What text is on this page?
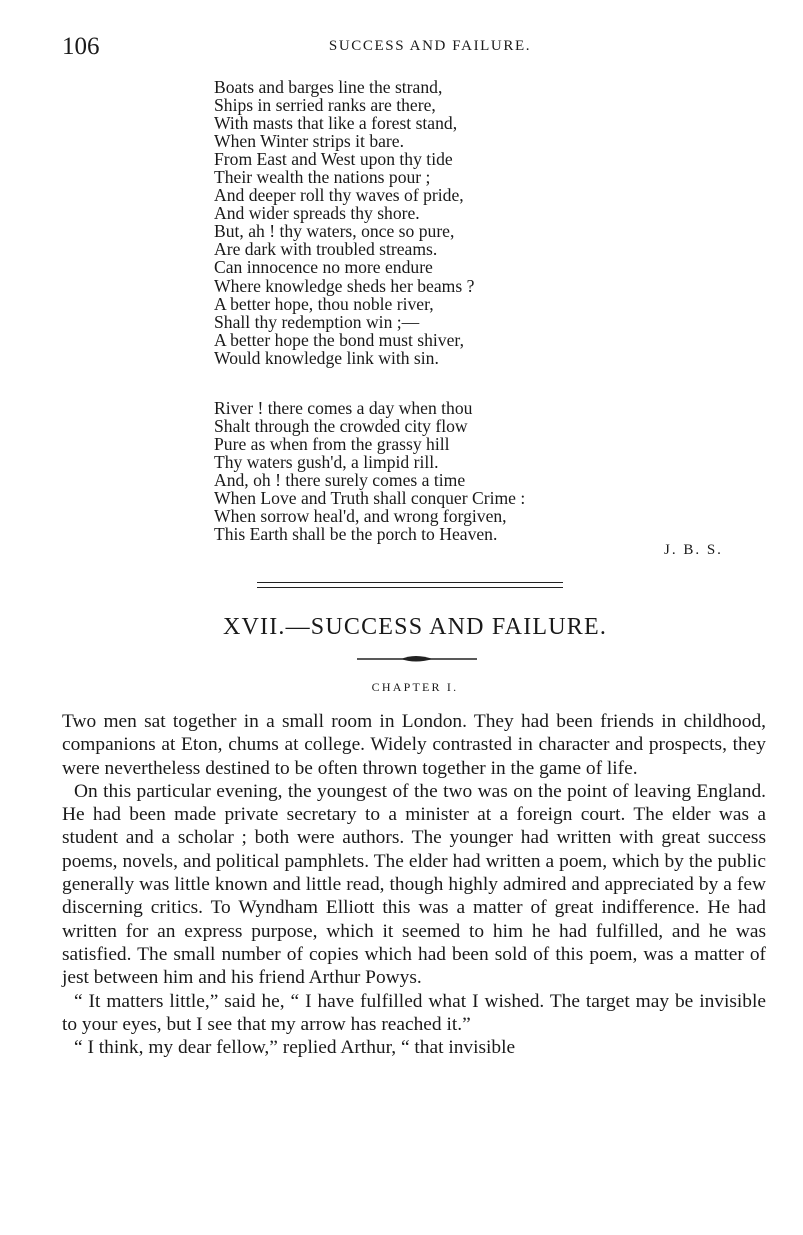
106	SUCCESS AND FAILURE.
Boats and barges line the strand,
Ships in serried ranks are there,
With masts that like a forest stand,
When Winter strips it bare.
From East and West upon thy tide
Their wealth the nations pour ;
And deeper roll thy waves of pride,
And wider spreads thy shore.
But, ah ! thy waters, once so pure,
Are dark with troubled streams.
Can innocence no more endure
Where knowledge sheds her beams ?
A better hope, thou noble river,
Shall thy redemption win ;—
A better hope the bond must shiver,
Would knowledge link with sin.
River ! there comes a day when thou
Shalt through the crowded city flow
Pure as when from the grassy hill
Thy waters gush'd, a limpid rill.
And, oh ! there surely comes a time
When Love and Truth shall conquer Crime :
When sorrow heal'd, and wrong forgiven,
This Earth shall be the porch to Heaven.
J. B. S.
XVII.—SUCCESS AND FAILURE.
CHAPTER I.

Two men sat together in a small room in London. They had been friends in childhood, companions at Eton, chums at college. Widely contrasted in character and prospects, they were nevertheless destined to be often thrown together in the game of life.

On this particular evening, the youngest of the two was on the point of leaving England. He had been made private secretary to a minister at a foreign court. The elder was a student and a scholar ; both were authors. The younger had written with great success poems, novels, and political pamphlets. The elder had written a poem, which by the public generally was little known and little read, though highly admired and appreciated by a few discerning critics. To Wyndham Elliott this was a matter of great indifference. He had written for an express purpose, which it seemed to him he had fulfilled, and he was satisfied. The small number of copies which had been sold of this poem, was a matter of jest between him and his friend Arthur Powys.

“ It matters little,” said he, “ I have fulfilled what I wished. The target may be invisible to your eyes, but I see that my arrow has reached it.”

“ I think, my dear fellow,” replied Arthur, “ that invisible
